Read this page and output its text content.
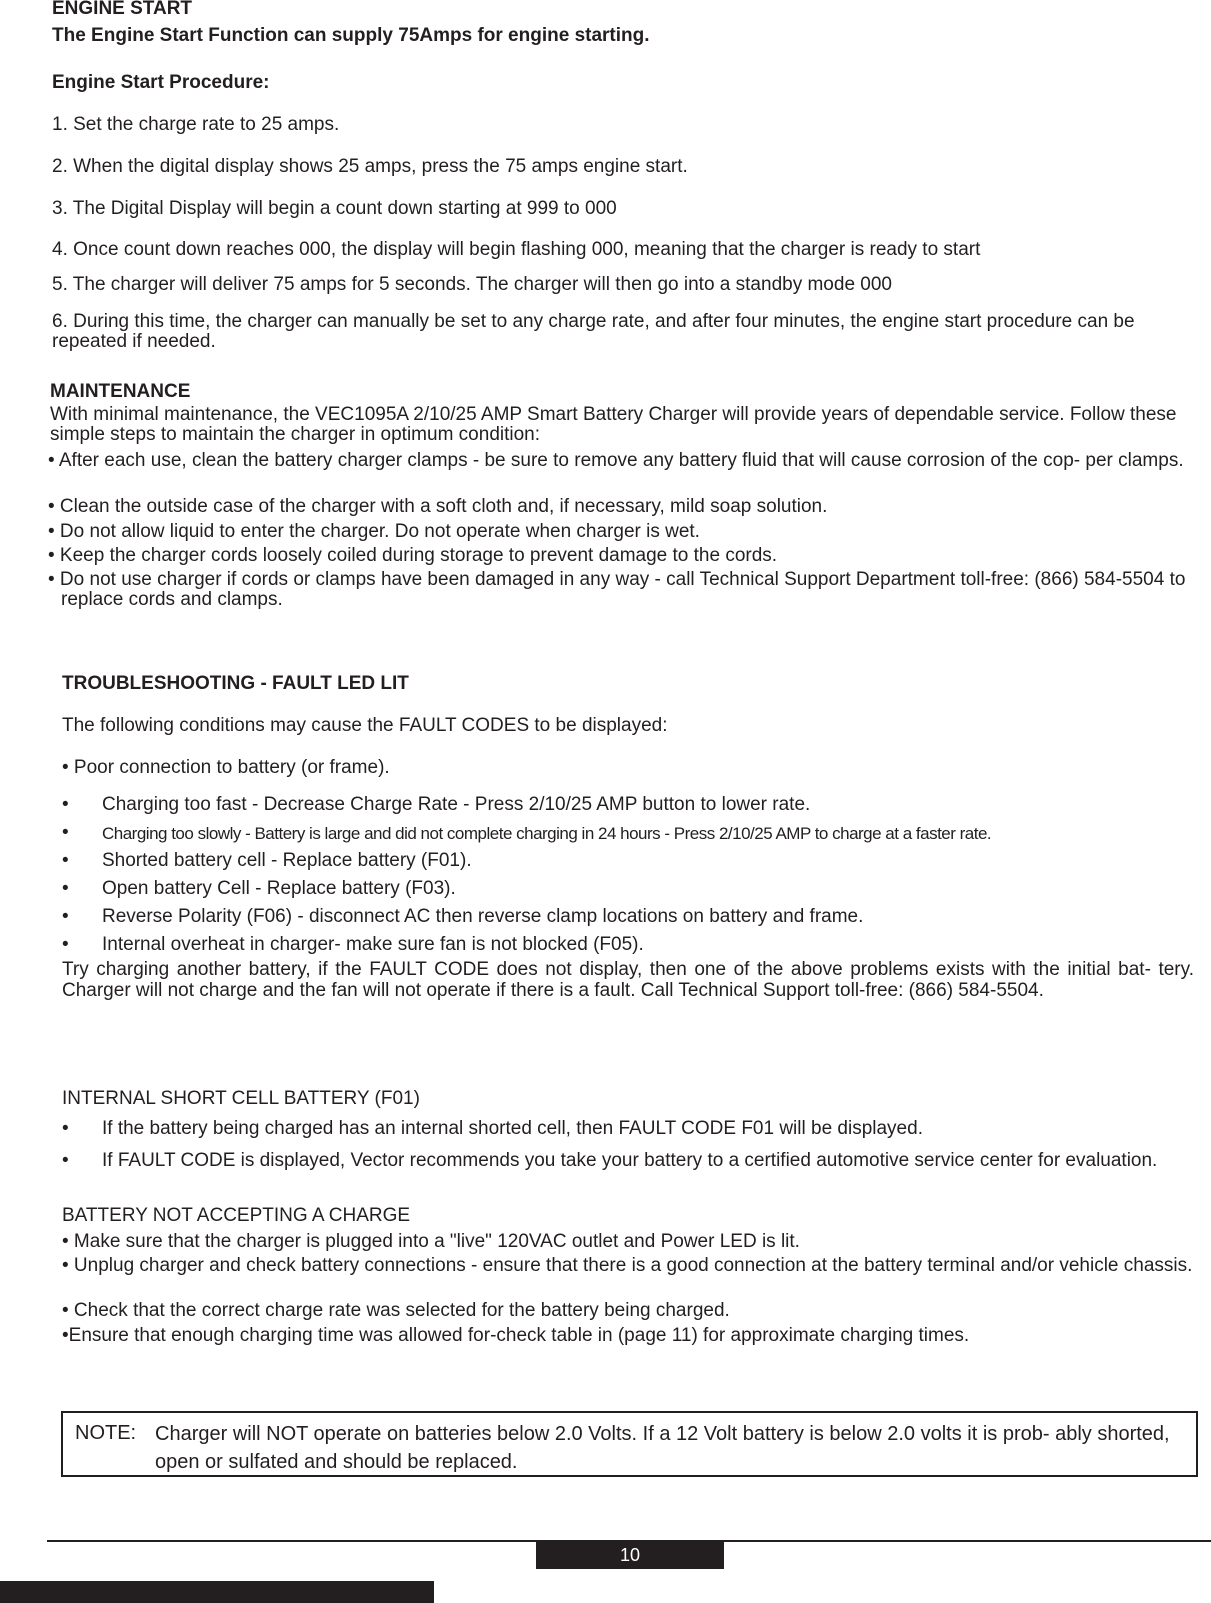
ENGINE START
The Engine Start Function can supply 75Amps for engine starting.
Engine Start Procedure:
1. Set the charge rate to 25 amps.
2. When the digital display shows 25 amps, press the 75 amps engine start.
3. The Digital Display will begin a count down starting at 999 to 000
4. Once count down reaches 000, the display will begin flashing 000, meaning that the charger is ready to start
5. The charger will deliver 75 amps for 5 seconds. The charger will then go into a standby mode 000
6. During this time, the charger can manually be set to any charge rate, and after four minutes, the engine start procedure can be repeated if needed.
MAINTENANCE
With minimal maintenance, the VEC1095A 2/10/25 AMP Smart Battery Charger will provide years of dependable service. Follow these simple steps to maintain the charger in optimum condition:
• After each use, clean the battery charger clamps - be sure to remove any battery fluid that will cause corrosion of the cop- per clamps.
• Clean the outside case of the charger with a soft cloth and, if necessary, mild soap solution.
• Do not allow liquid to enter the charger. Do not operate when charger is wet.
• Keep the charger cords loosely coiled during storage to prevent damage to the cords.
• Do not use charger if cords or clamps have been damaged in any way - call Technical Support Department toll-free: (866) 584-5504 to replace cords and clamps.
TROUBLESHOOTING - FAULT LED LIT
The following conditions may cause the FAULT CODES to be displayed:
• Poor connection to battery (or frame).
• Charging too fast - Decrease Charge Rate - Press 2/10/25 AMP button to lower rate.
• Charging too slowly - Battery is large and did not complete charging in 24 hours - Press 2/10/25 AMP to charge at a faster rate.
• Shorted battery cell - Replace battery (F01).
• Open battery Cell - Replace battery (F03).
• Reverse Polarity (F06) - disconnect AC then reverse clamp locations on battery and frame.
• Internal overheat in charger- make sure fan is not blocked (F05).
Try charging another battery, if the FAULT CODE does not display, then one of the above problems exists with the initial bat- tery. Charger will not charge and the fan will not operate if there is a fault. Call Technical Support toll-free: (866) 584-5504.
INTERNAL SHORT CELL BATTERY (F01)
• If the battery being charged has an internal shorted cell, then FAULT CODE F01 will be displayed.
• If FAULT CODE is displayed, Vector recommends you take your battery to a certified automotive service center for evaluation.
BATTERY NOT ACCEPTING A CHARGE
• Make sure that the charger is plugged into a "live" 120VAC outlet and Power LED is lit.
• Unplug charger and check battery connections - ensure that there is a good connection at the battery terminal and/or vehicle chassis.
• Check that the correct charge rate was selected for the battery being charged.
•Ensure that enough charging time was allowed for-check table in (page 11) for approximate charging times.
NOTE: Charger will NOT operate on batteries below 2.0 Volts. If a 12 Volt battery is below 2.0 volts it is prob- ably shorted, open or sulfated and should be replaced.
10
